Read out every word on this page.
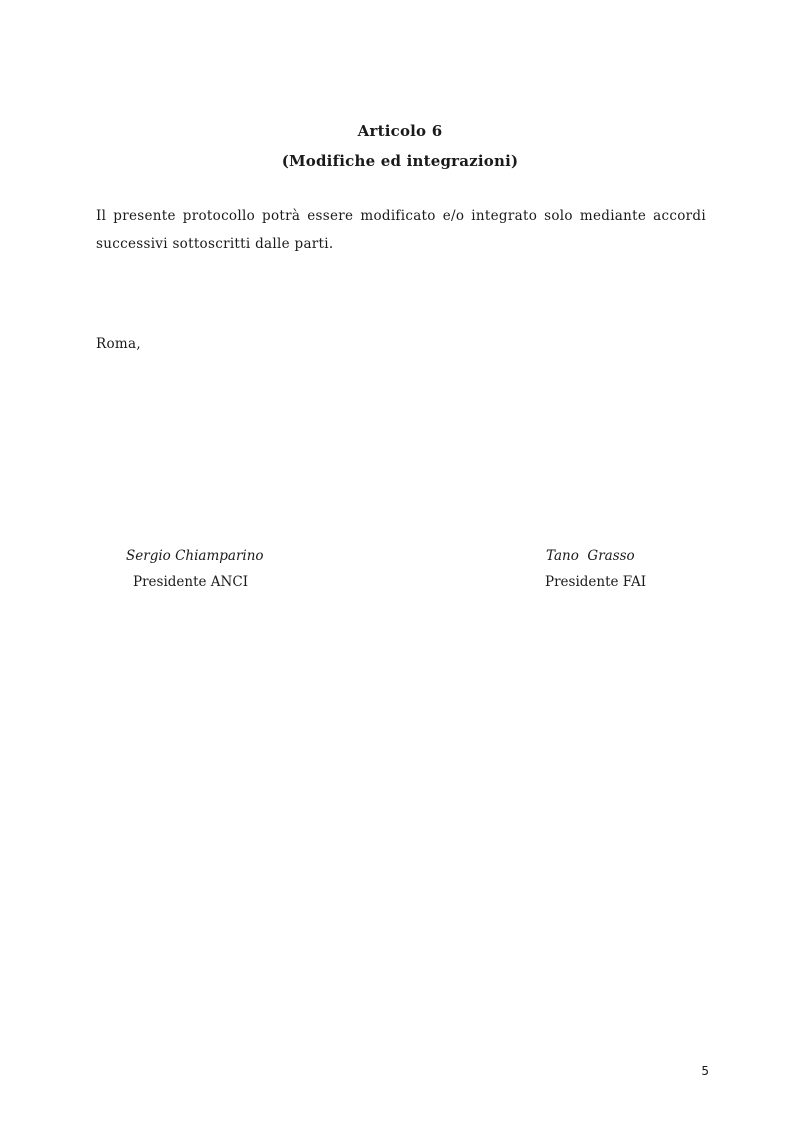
Articolo 6
(Modifiche ed integrazioni)
Il presente protocollo potrà essere modificato e/o integrato solo mediante accordi successivi sottoscritti dalle parti.
Roma,
Sergio Chiamparino
Presidente ANCI
Tano  Grasso
Presidente FAI
5
